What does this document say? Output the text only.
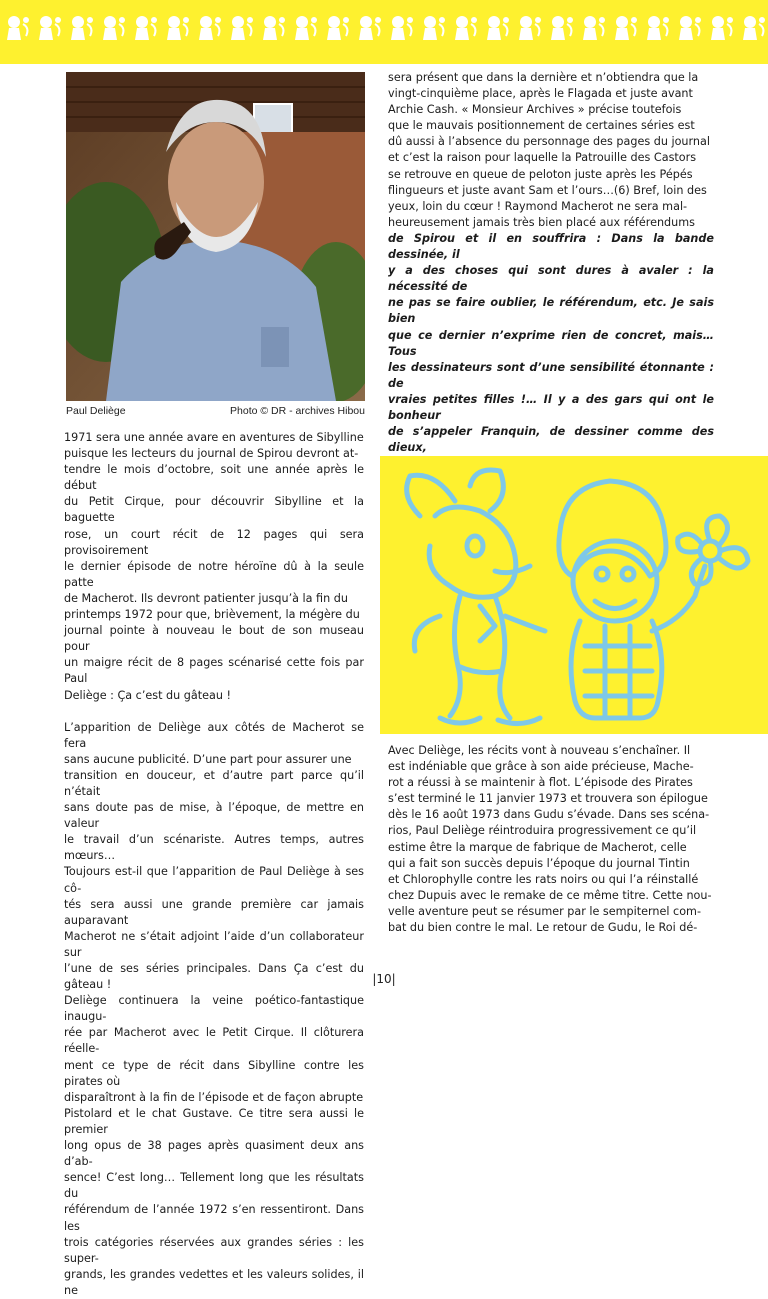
Paul Deliège	Photo © DR - archives Hibou

1971 sera une année avare en aventures de Sibylline
puisque les lecteurs du journal de Spirou devront at-
tendre le mois d’octobre, soit une année après le début
du Petit Cirque, pour découvrir Sibylline et la baguette
rose, un court récit de 12 pages qui sera provisoirement
le dernier épisode de notre héroïne dû à la seule patte
de Macherot. Ils devront patienter jusqu’à la fin du
printemps 1972 pour que, brièvement, la mégère du
journal pointe à nouveau le bout de son museau pour
un maigre récit de 8 pages scénarisé cette fois par Paul
Deliège : Ça c’est du gâteau !

L’apparition de Deliège aux côtés de Macherot se fera
sans aucune publicité. D’une part pour assurer une
transition en douceur, et d’autre part parce qu’il n’était
sans doute pas de mise, à l’époque, de mettre en valeur
le travail d’un scénariste. Autres temps, autres mœurs…
Toujours est-il que l’apparition de Paul Deliège à ses cô-
tés sera aussi une grande première car jamais auparavant
Macherot ne s’était adjoint l’aide d’un collaborateur sur
l’une de ses séries principales. Dans Ça c’est du gâteau !
Deliège continuera la veine poético-fantastique inaugu-
rée par Macherot avec le Petit Cirque. Il clôturera réelle-
ment ce type de récit dans Sibylline contre les pirates où
disparaîtront à la fin de l’épisode et de façon abrupte
Pistolard et le chat Gustave. Ce titre sera aussi le premier
long opus de 38 pages après quasiment deux ans d’ab-
sence! C’est long… Tellement long que les résultats du
référendum de l’année 1972 s’en ressentiront. Dans les
trois catégories réservées aux grandes séries : les super-
grands, les grandes vedettes et les valeurs solides, il ne

sera présent que dans la dernière et n’obtiendra que la
vingt-cinquième place, après le Flagada et juste avant
Archie Cash. « Monsieur Archives » précise toutefois
que le mauvais positionnement de certaines séries est
dû aussi à l’absence du personnage des pages du journal
et c’est la raison pour laquelle la Patrouille des Castors
se retrouve en queue de peloton juste après les Pépés
flingueurs et juste avant Sam et l’ours…(6) Bref, loin des
yeux, loin du cœur ! Raymond Macherot ne sera mal-
heureusement jamais très bien placé aux référendums
de Spirou et il en souffrira : Dans la bande dessinée, il
y a des choses qui sont dures à avaler : la nécessité de
ne pas se faire oublier, le référendum, etc. Je sais bien
que ce dernier n’exprime rien de concret, mais… Tous
les dessinateurs sont d’une sensibilité étonnante : de
vraies petites filles !… Il y a des gars qui ont le bonheur
de s’appeler Franquin, de dessiner comme des dieux,

Avec Deliège, les récits vont à nouveau s’enchaîner. Il
est indéniable que grâce à son aide précieuse, Mache-
rot a réussi à se maintenir à flot. L’épisode des Pirates
s’est terminé le 11 janvier 1973 et trouvera son épilogue
dès le 16 août 1973 dans Gudu s’évade. Dans ses scéna-
rios, Paul Deliège réintroduira progressivement ce qu’il
estime être la marque de fabrique de Macherot, celle
qui a fait son succès depuis l’époque du journal Tintin
et Chlorophylle contre les rats noirs ou qui l’a réinstallé
chez Dupuis avec le remake de ce même titre. Cette nou-
velle aventure peut se résumer par le sempiternel com-
bat du bien contre le mal. Le retour de Gudu, le Roi dé-

|10|
